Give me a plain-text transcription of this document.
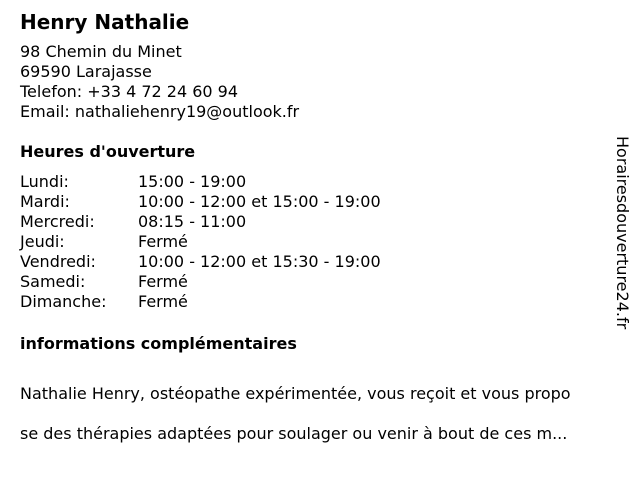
Henry Nathalie
98 Chemin du Minet
69590 Larajasse
Telefon: +33 4 72 24 60 94
Email: nathaliehenry19@outlook.fr
Heures d'ouverture
Lundi:	15:00 - 19:00
Mardi:	10:00 - 12:00 et 15:00 - 19:00
Mercredi:	08:15 - 11:00
Jeudi:	Fermé
Vendredi:	10:00 - 12:00 et 15:30 - 19:00
Samedi:	Fermé
Dimanche:	Fermé
informations complémentaires

Nathalie Henry, ostéopathe expérimentée, vous reçoit et vous propo

se des thérapies adaptées pour soulager ou venir à bout de ces m...

Horairesdouverture24.fr
